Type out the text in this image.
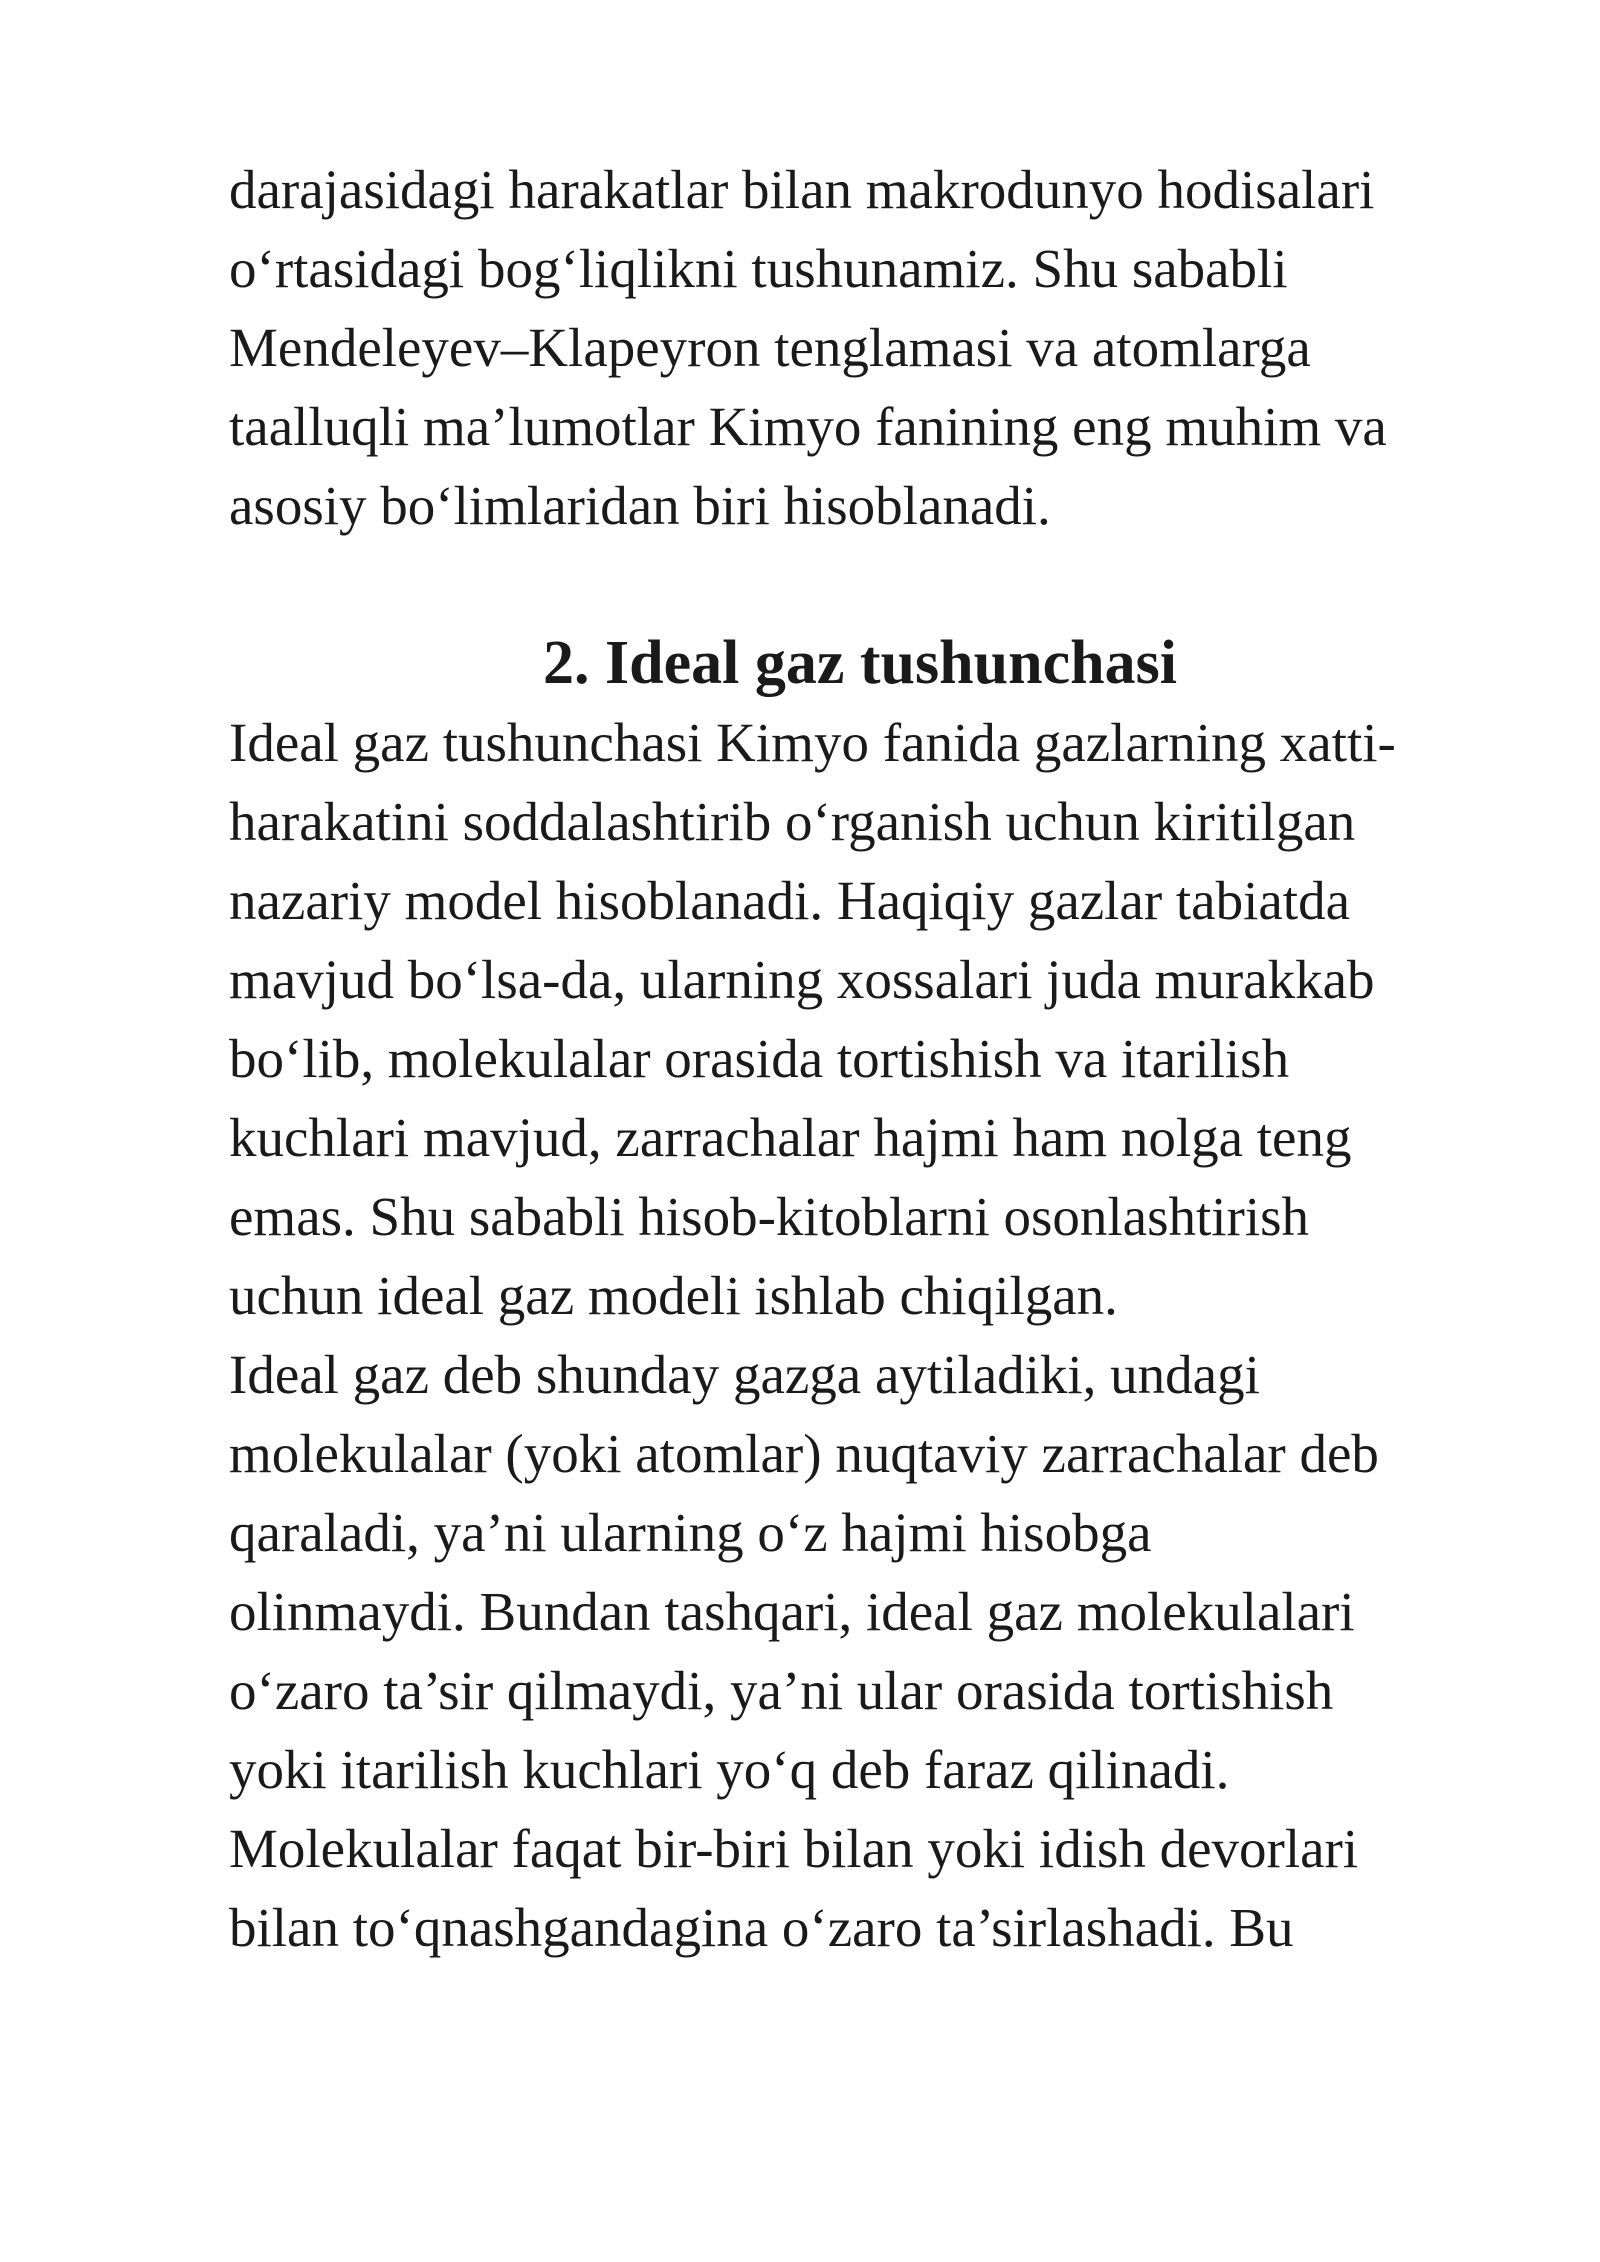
darajasidagi harakatlar bilan makrodunyo hodisalari
o‘rtasidagi bog‘liqlikni tushunamiz. Shu sababli
Mendeleyev–Klapeyron tenglamasi va atomlarga
taalluqli ma’lumotlar Kimyo fanining eng muhim va
asosiy bo‘limlaridan biri hisoblanadi.
2. Ideal gaz tushunchasi
Ideal gaz tushunchasi Kimyo fanida gazlarning xatti-
harakatini soddalashtirib o‘rganish uchun kiritilgan
nazariy model hisoblanadi. Haqiqiy gazlar tabiatda
mavjud bo‘lsa-da, ularning xossalari juda murakkab
bo‘lib, molekulalar orasida tortishish va itarilish
kuchlari mavjud, zarrachalar hajmi ham nolga teng
emas. Shu sababli hisob-kitoblarni osonlashtirish
uchun ideal gaz modeli ishlab chiqilgan.
Ideal gaz deb shunday gazga aytiladiki, undagi
molekulalar (yoki atomlar) nuqtaviy zarrachalar deb
qaraladi, ya’ni ularning o‘z hajmi hisobga
olinmaydi. Bundan tashqari, ideal gaz molekulalari
o‘zaro ta’sir qilmaydi, ya’ni ular orasida tortishish
yoki itarilish kuchlari yo‘q deb faraz qilinadi.
Molekulalar faqat bir-biri bilan yoki idish devorlari
bilan to‘qnashgandagina o‘zaro ta’sirlashadi. Bu
